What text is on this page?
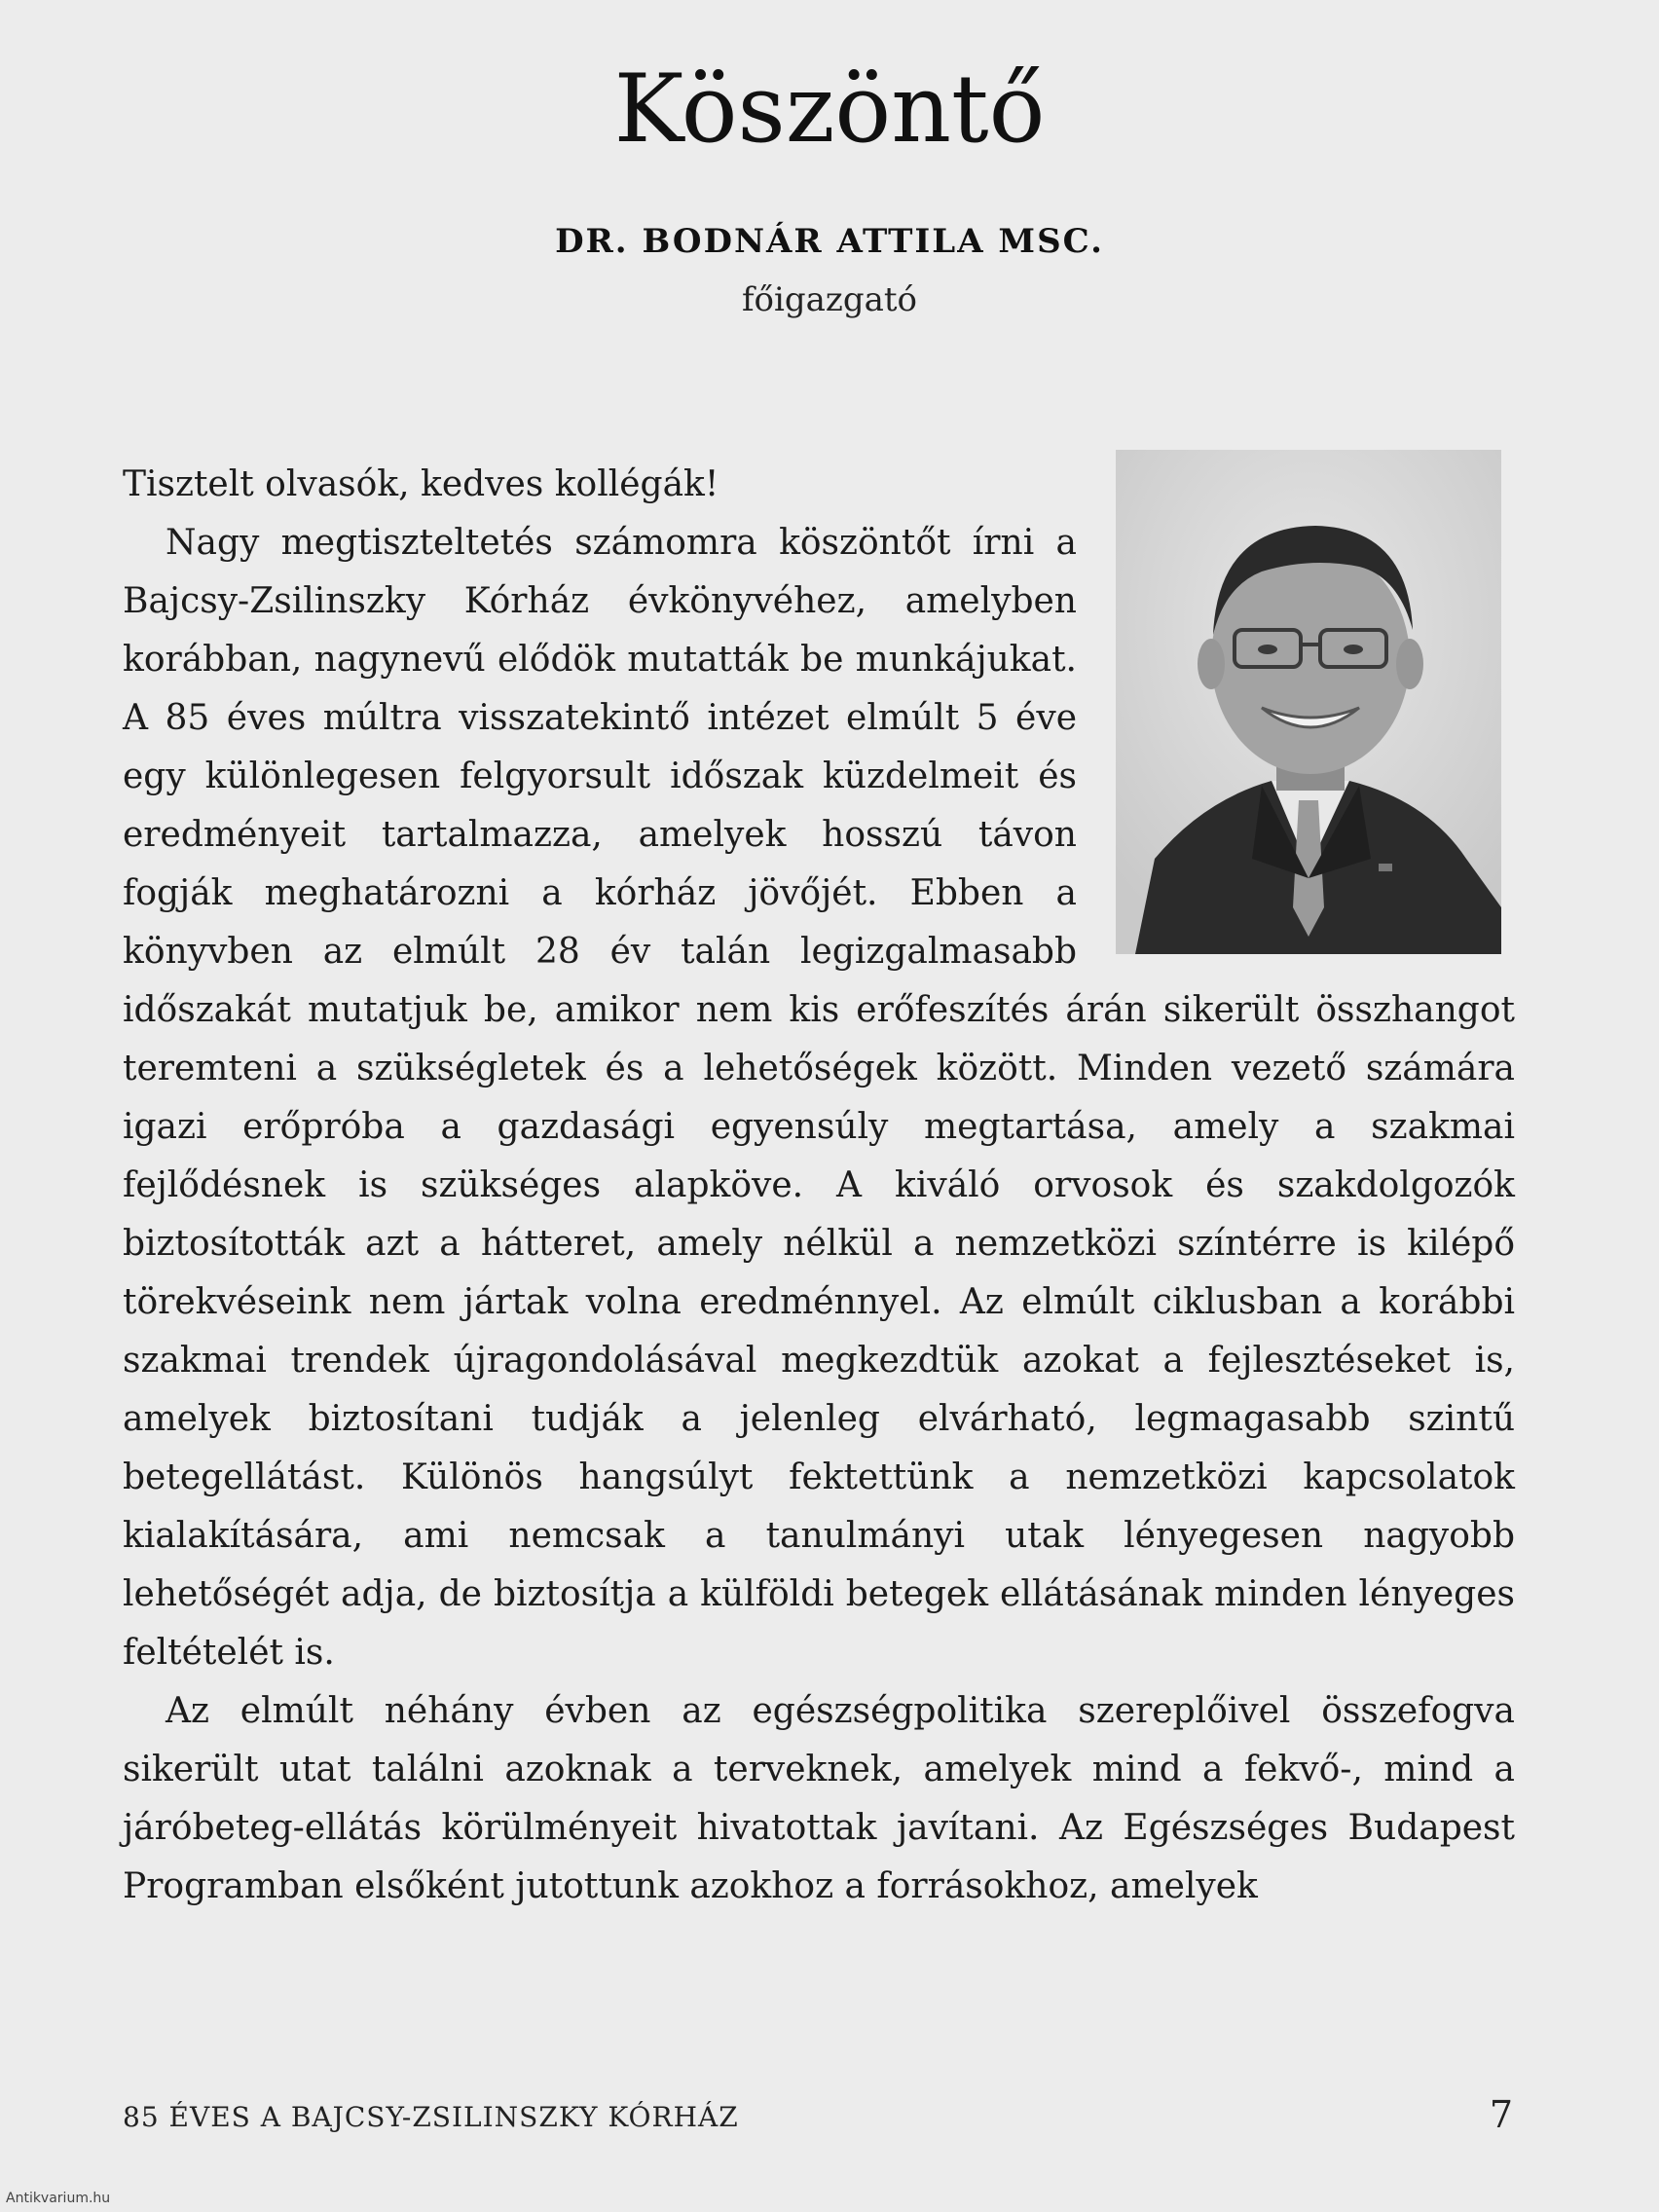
Köszöntő
DR. BODNÁR ATTILA MSC.
főigazgató

Tisztelt olvasók, kedves kollégák!

Nagy megtiszteltetés számomra köszöntőt írni a Bajcsy-Zsilinszky Kórház évkönyvéhez, amelyben korábban, nagynevű elődök mutatták be munkájukat. A 85 éves múltra visszatekintő intézet elmúlt 5 éve egy különlegesen felgyorsult időszak küzdelmeit és eredményeit tartalmazza, amelyek hosszú távon fogják meghatározni a kórház jövőjét. Ebben a könyvben az elmúlt 28 év talán legizgalmasabb időszakát mutatjuk be, amikor nem kis erőfeszítés árán sikerült összhangot teremteni a szükségletek és a lehetőségek között. Minden vezető számára igazi erőpróba a gazdasági egyensúly megtartása, amely a szakmai fejlődésnek is szükséges alapköve. A kiváló orvosok és szakdolgozók biztosították azt a hátteret, amely nélkül a nemzetközi színtérre is kilépő törekvéseink nem jártak volna eredménnyel. Az elmúlt ciklusban a korábbi szakmai trendek újragondolásával megkezdtük azokat a fejlesztéseket is, amelyek biztosítani tudják a jelenleg elvárható, legmagasabb szintű betegellátást. Különös hangsúlyt fektettünk a nemzetközi kapcsolatok kialakítására, ami nemcsak a tanulmányi utak lényegesen nagyobb lehetőségét adja, de biztosítja a külföldi betegek ellátásának minden lényeges feltételét is.

Az elmúlt néhány évben az egészségpolitika szereplőivel összefogva sikerült utat találni azoknak a terveknek, amelyek mind a fekvő-, mind a járóbeteg-ellátás körülményeit hivatottak javítani. Az Egészséges Budapest Programban elsőként jutottunk azokhoz a forrásokhoz, amelyek

85 ÉVES A BAJCSY-ZSILINSZKY KÓRHÁZ	7
Antikvarium.hu
